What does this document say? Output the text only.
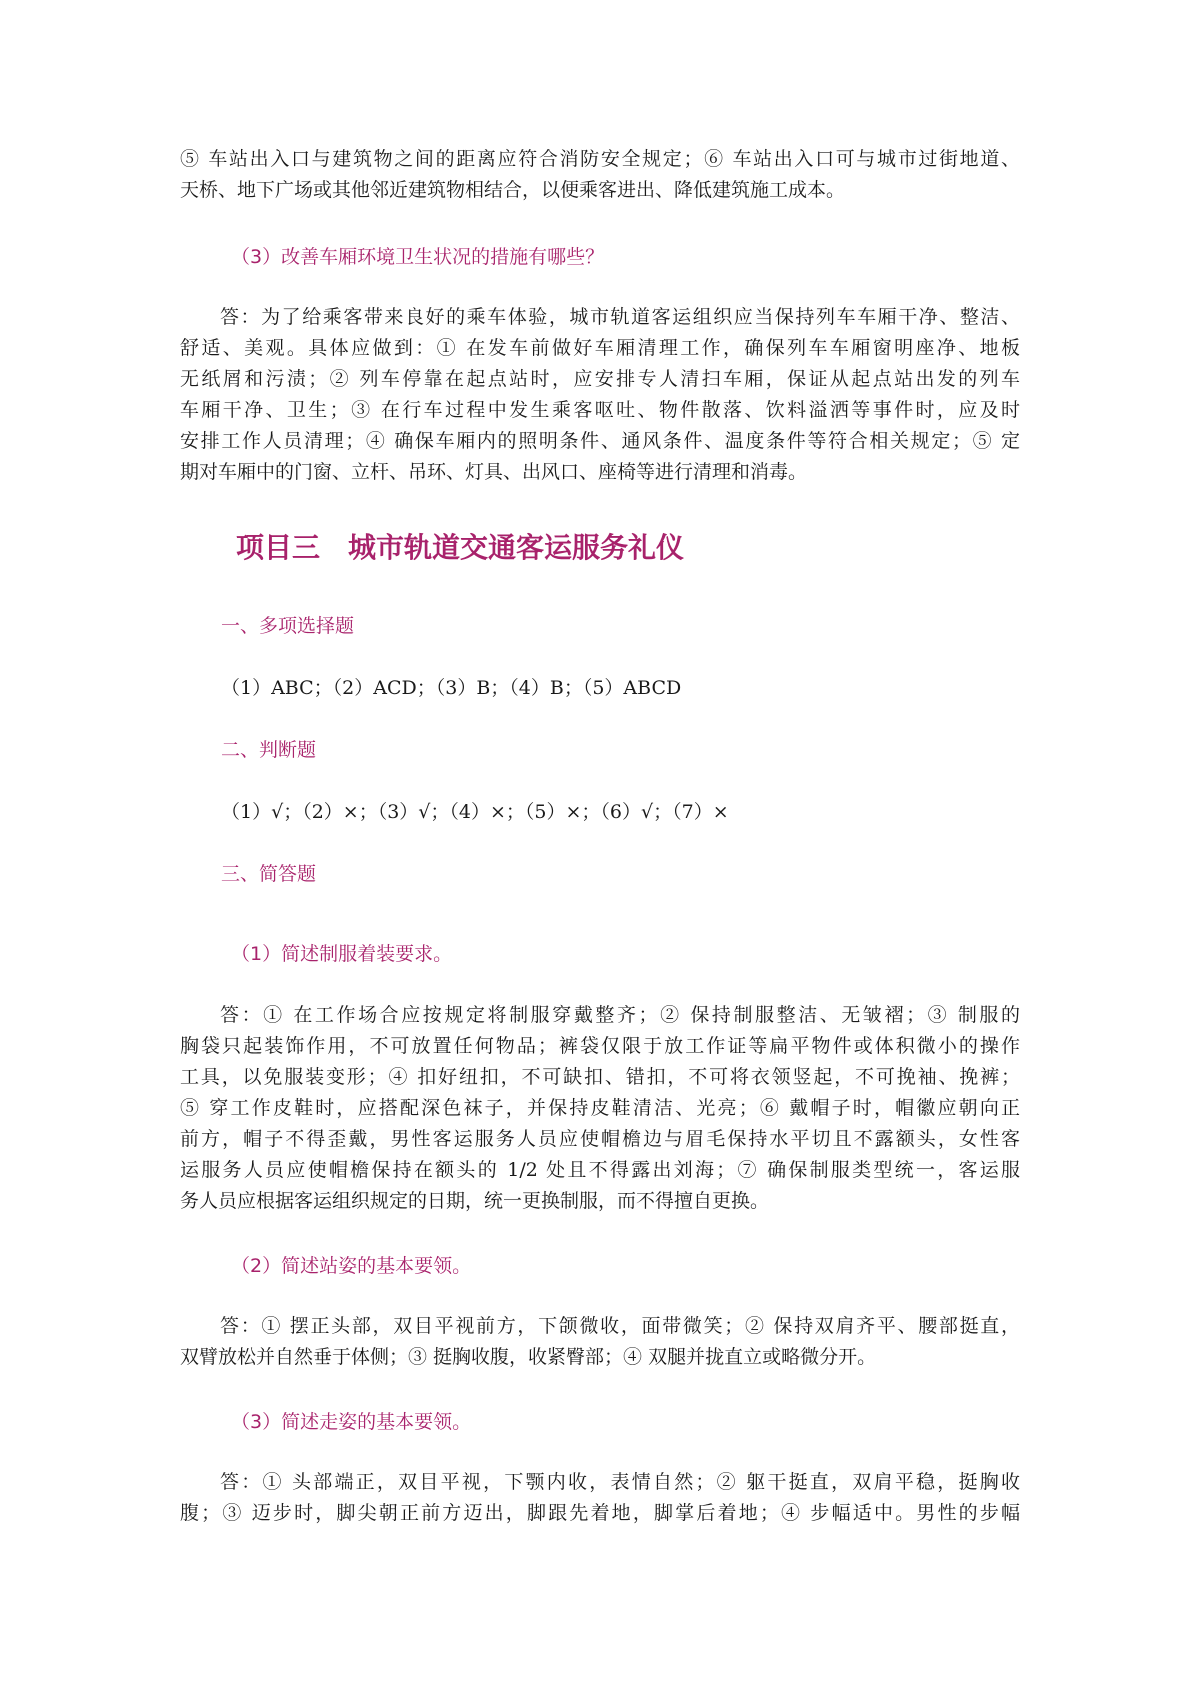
⑤ 车站出入口与建筑物之间的距离应符合消防安全规定；⑥ 车站出入口可与城市过街地道、
天桥、地下广场或其他邻近建筑物相结合，以便乘客进出、降低建筑施工成本。

（3）改善车厢环境卫生状况的措施有哪些？

答：为了给乘客带来良好的乘车体验，城市轨道客运组织应当保持列车车厢干净、整洁、
舒适、美观。具体应做到：① 在发车前做好车厢清理工作，确保列车车厢窗明座净、地板
无纸屑和污渍；② 列车停靠在起点站时，应安排专人清扫车厢，保证从起点站出发的列车
车厢干净、卫生；③ 在行车过程中发生乘客呕吐、物件散落、饮料溢洒等事件时，应及时
安排工作人员清理；④ 确保车厢内的照明条件、通风条件、温度条件等符合相关规定；⑤ 定
期对车厢中的门窗、立杆、吊环、灯具、出风口、座椅等进行清理和消毒。
项目三　城市轨道交通客运服务礼仪

一、多项选择题

（1）ABC；（2）ACD；（3）B；（4）B；（5）ABCD

二、判断题

（1）√；（2）×；（3）√；（4）×；（5）×；（6）√；（7）×

三、简答题

（1）简述制服着装要求。

答：① 在工作场合应按规定将制服穿戴整齐；② 保持制服整洁、无皱褶；③ 制服的
胸袋只起装饰作用，不可放置任何物品；裤袋仅限于放工作证等扁平物件或体积微小的操作
工具，以免服装变形；④ 扣好纽扣，不可缺扣、错扣，不可将衣领竖起，不可挽袖、挽裤；
⑤ 穿工作皮鞋时，应搭配深色袜子，并保持皮鞋清洁、光亮；⑥ 戴帽子时，帽徽应朝向正
前方，帽子不得歪戴，男性客运服务人员应使帽檐边与眉毛保持水平切且不露额头，女性客
运服务人员应使帽檐保持在额头的 1/2 处且不得露出刘海；⑦ 确保制服类型统一，客运服
务人员应根据客运组织规定的日期，统一更换制服，而不得擅自更换。

（2）简述站姿的基本要领。

答：① 摆正头部，双目平视前方，下颌微收，面带微笑；② 保持双肩齐平、腰部挺直，
双臂放松并自然垂于体侧；③ 挺胸收腹，收紧臀部；④ 双腿并拢直立或略微分开。

（3）简述走姿的基本要领。

答：① 头部端正，双目平视，下颚内收，表情自然；② 躯干挺直，双肩平稳，挺胸收
腹；③ 迈步时，脚尖朝正前方迈出，脚跟先着地，脚掌后着地；④ 步幅适中。男性的步幅
